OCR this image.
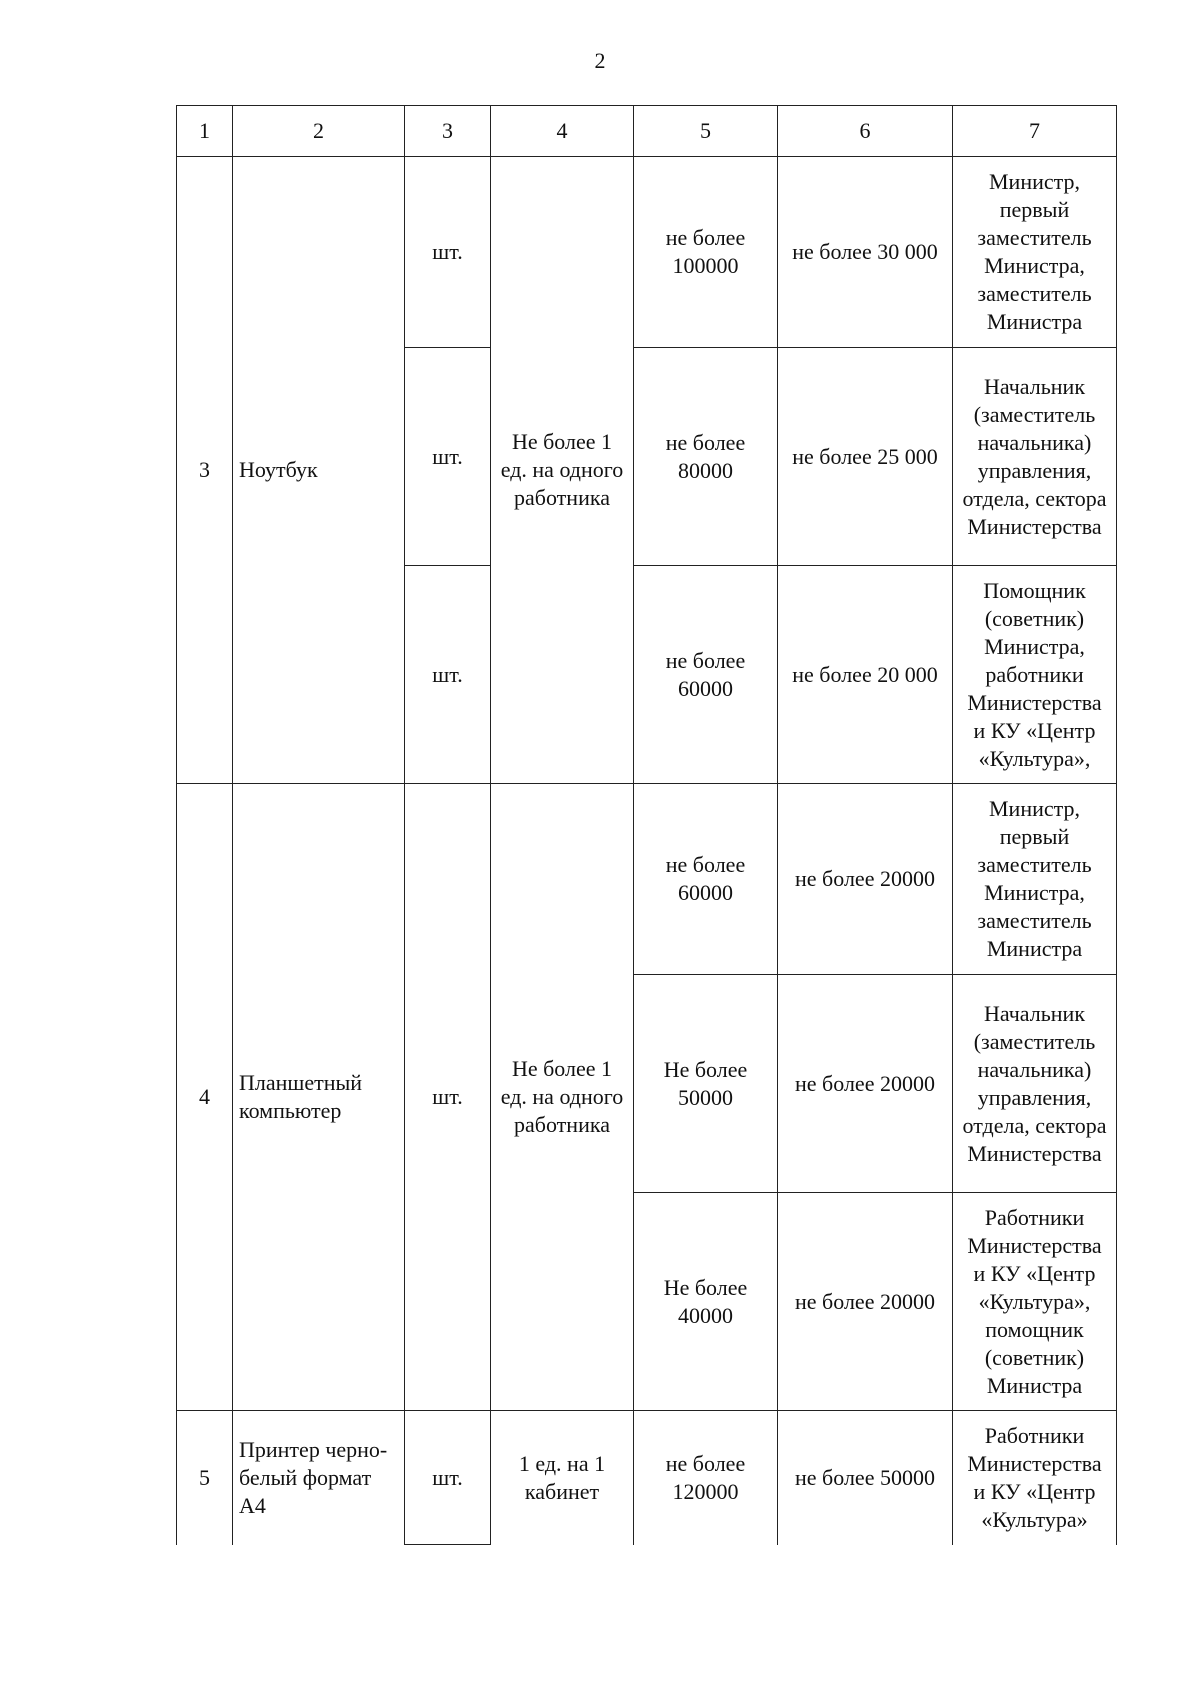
2
1	2	3	4	5	6	7
3	Ноутбук	шт.	Не более 1 ед. на одного работника	не более 100000	не более 30 000	Министр, первый заместитель Министра, заместитель Министра
		шт.		не более 80000	не более 25 000	Начальник (заместитель начальника) управления, отдела, сектора Министерства
		шт.		не более 60000	не более 20 000	Помощник (советник) Министра, работники Министерства и КУ «Центр «Культура»,
4	Планшетный компьютер	шт.	Не более 1 ед. на одного работника	не более 60000	не более 20000	Министр, первый заместитель Министра, заместитель Министра
				Не более 50000	не более 20000	Начальник (заместитель начальника) управления, отдела, сектора Министерства
				Не более 40000	не более 20000	Работники Министерства и КУ «Центр «Культура», помощник (советник) Министра
5	Принтер черно-белый формат А4	шт.	1 ед. на 1 кабинет	не более 120000	не более 50000	Работники Министерства и КУ «Центр «Культура»
